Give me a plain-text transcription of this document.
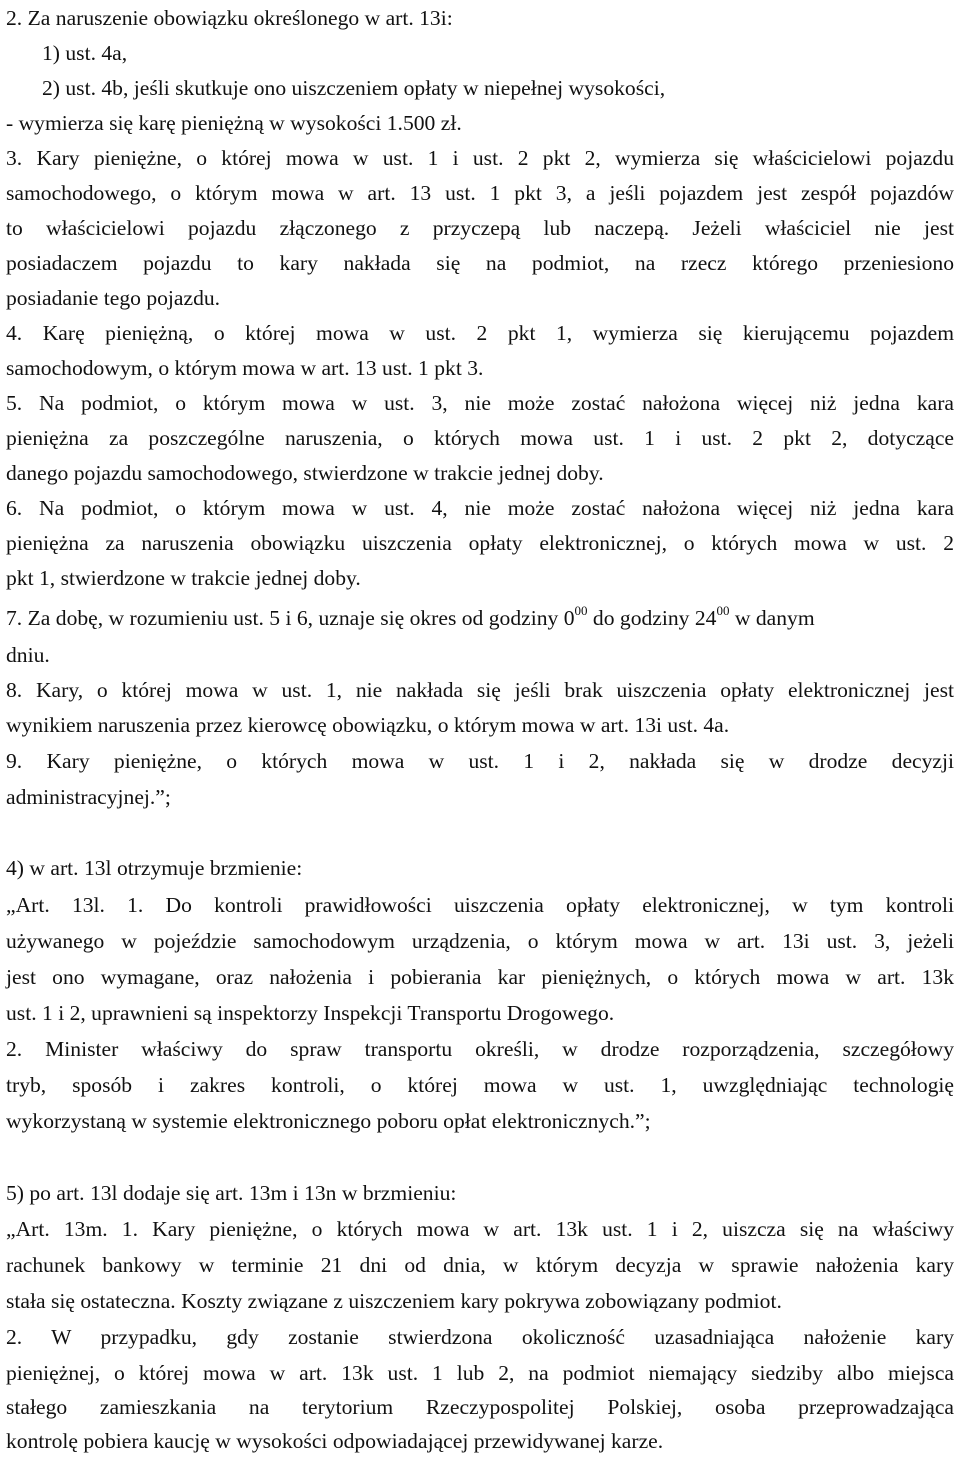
2. Za naruszenie obowiązku określonego w art. 13i:
1) ust. 4a,
2) ust. 4b, jeśli skutkuje ono uiszczeniem opłaty w niepełnej wysokości,
- wymierza się karę pieniężną w wysokości 1.500 zł.
3. Kary pieniężne, o której mowa w ust. 1 i ust. 2 pkt 2, wymierza się właścicielowi pojazdu
samochodowego, o którym mowa w art. 13 ust. 1 pkt 3, a jeśli pojazdem jest zespół pojazdów
to właścicielowi pojazdu złączonego z przyczepą lub naczepą. Jeżeli właściciel nie jest
posiadaczem pojazdu to kary nakłada się na podmiot, na rzecz którego przeniesiono
posiadanie tego pojazdu.
4. Karę pieniężną, o której mowa w ust. 2 pkt 1, wymierza się kierującemu pojazdem
samochodowym, o którym mowa w art. 13 ust. 1 pkt 3.
5. Na podmiot, o którym mowa w ust. 3, nie może zostać nałożona więcej niż jedna kara
pieniężna za poszczególne naruszenia, o których mowa ust. 1 i ust. 2 pkt 2, dotyczące
danego pojazdu samochodowego, stwierdzone w trakcie jednej doby.
6. Na podmiot, o którym mowa w ust. 4, nie może zostać nałożona więcej niż jedna kara
pieniężna za naruszenia obowiązku uiszczenia opłaty elektronicznej, o których mowa w ust. 2
pkt 1, stwierdzone w trakcie jednej doby.
7. Za dobę, w rozumieniu ust. 5 i 6, uznaje się okres od godziny $0^{00}$ do godziny $24^{00}$ w danym
dniu.
8. Kary, o której mowa w ust. 1, nie nakłada się jeśli brak uiszczenia opłaty elektronicznej jest
wynikiem naruszenia przez kierowcę obowiązku, o którym mowa w art. 13i ust. 4a.
9. Kary pieniężne, o których mowa w ust. 1 i 2, nakłada się w drodze decyzji
administracyjnej.”;
4) w art. 13l otrzymuje brzmienie:
„Art. 13l. 1. Do kontroli prawidłowości uiszczenia opłaty elektronicznej, w tym kontroli
używanego w pojeździe samochodowym urządzenia, o którym mowa w art. 13i ust. 3, jeżeli
jest ono wymagane, oraz nałożenia i pobierania kar pieniężnych, o których mowa w art. 13k
ust. 1 i 2, uprawnieni są inspektorzy Inspekcji Transportu Drogowego.
2. Minister właściwy do spraw transportu określi, w drodze rozporządzenia, szczegółowy
tryb, sposób i zakres kontroli, o której mowa w ust. 1, uwzględniając technologię
wykorzystaną w systemie elektronicznego poboru opłat elektronicznych.”;
5) po art. 13l dodaje się art. 13m i 13n w brzmieniu:
„Art. 13m. 1. Kary pieniężne, o których mowa w art. 13k ust. 1 i 2, uiszcza się na właściwy
rachunek bankowy w terminie 21 dni od dnia, w którym decyzja w sprawie nałożenia kary
stała się ostateczna. Koszty związane z uiszczeniem kary pokrywa zobowiązany podmiot.
2. W przypadku, gdy zostanie stwierdzona okoliczność uzasadniająca nałożenie kary
pieniężnej, o której mowa w art. 13k ust. 1 lub 2, na podmiot niemający siedziby albo miejsca
stałego zamieszkania na terytorium Rzeczypospolitej Polskiej, osoba przeprowadzająca
kontrolę pobiera kaucję w wysokości odpowiadającej przewidywanej karze.
